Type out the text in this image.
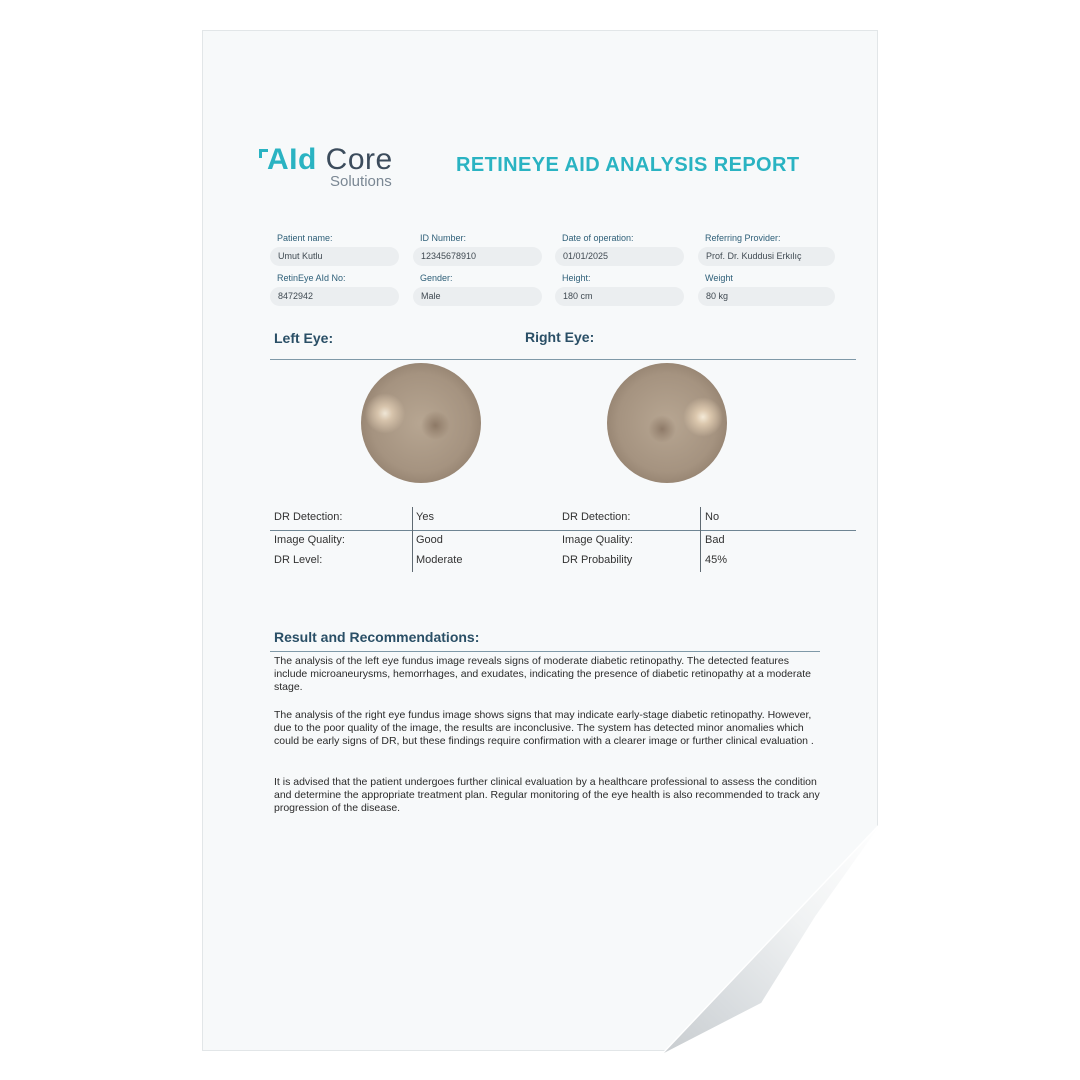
AId Core
Solutions
RETINEYE AID ANALYSIS REPORT
Patient name:
Umut Kutlu
ID Number:
12345678910
Date of operation:
01/01/2025
Referring Provider:
Prof. Dr. Kuddusi Erkılıç
RetinEye AId No:
8472942
Gender:
Male
Height:
180 cm
Weight
80 kg
Left Eye:	Right Eye:
DR Detection:	Yes	DR Detection:	No
Image Quality:	Good	Image Quality:	Bad
DR Level:	Moderate	DR Probability	45%
Result and Recommendations:

The analysis of the left eye fundus image reveals signs of moderate diabetic retinopathy. The detected features include microaneurysms, hemorrhages, and exudates, indicating the presence of diabetic retinopathy at a moderate stage.

The analysis of the right eye fundus image shows signs that may indicate early-stage diabetic retinopathy. However, due to the poor quality of the image, the results are inconclusive. The system has detected minor anomalies which could be early signs of DR, but these findings require confirmation with a clearer image or further clinical evaluation .

It is advised that the patient undergoes further clinical evaluation by a healthcare professional to assess the condition and determine the appropriate treatment plan. Regular monitoring of the eye health is also recommended to track any progression of the disease.
